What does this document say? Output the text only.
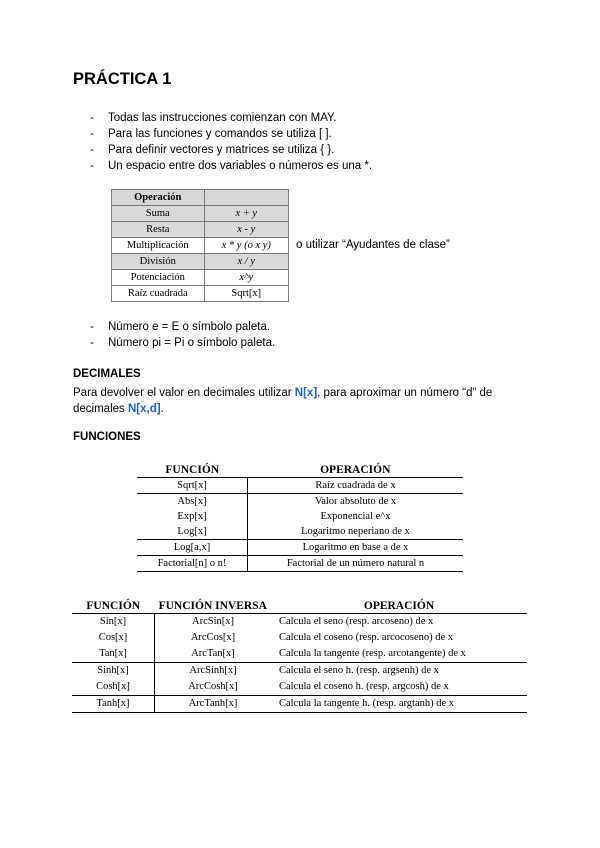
PRÁCTICA 1
- Todas las instrucciones comienzan con MAY.
- Para las funciones y comandos se utiliza [ ].
- Para definir vectores y matrices se utiliza { }.
- Un espacio entre dos variables o números es una *.
Operación	
Suma	x + y
Resta	x - y
Multiplicación	x * y (o x y)
División	x / y
Potenciación	x^y
Raíz cuadrada	Sqrt[x]
o utilizar “Ayudantes de clase”
- Número e = E o símbolo paleta.
- Número pi = Pi o símbolo paleta.
DECIMALES
Para devolver el valor en decimales utilizar N[x], para aproximar un número “d” de decimales N[x,d].
FUNCIONES
FUNCIÓN	OPERACIÓN
Sqrt[x]	Raíz cuadrada de x
Abs[x]	Valor absoluto de x
Exp[x]	Exponencial e^x
Log[x]	Logaritmo neperiano de x
Log[a,x]	Logaritmo en base a de x
Factorial[n] o n!	Factorial de un número natural n
FUNCIÓN	FUNCIÓN INVERSA	OPERACIÓN
Sin[x]	ArcSin[x]	Calcula el seno (resp. arcoseno) de x
Cos[x]	ArcCos[x]	Calcula el coseno (resp. arcocoseno) de x
Tan[x]	ArcTan[x]	Calcula la tangente (resp. arcotangente) de x
Sinh[x]	ArcSinh[x]	Calcula el seno h. (resp. argsenh) de x
Cosh[x]	ArcCosh[x]	Calcula el coseno h. (resp. argcosh) de x
Tanh[x]	ArcTanh[x]	Calcula la tangente h. (resp. argtanh) de x
